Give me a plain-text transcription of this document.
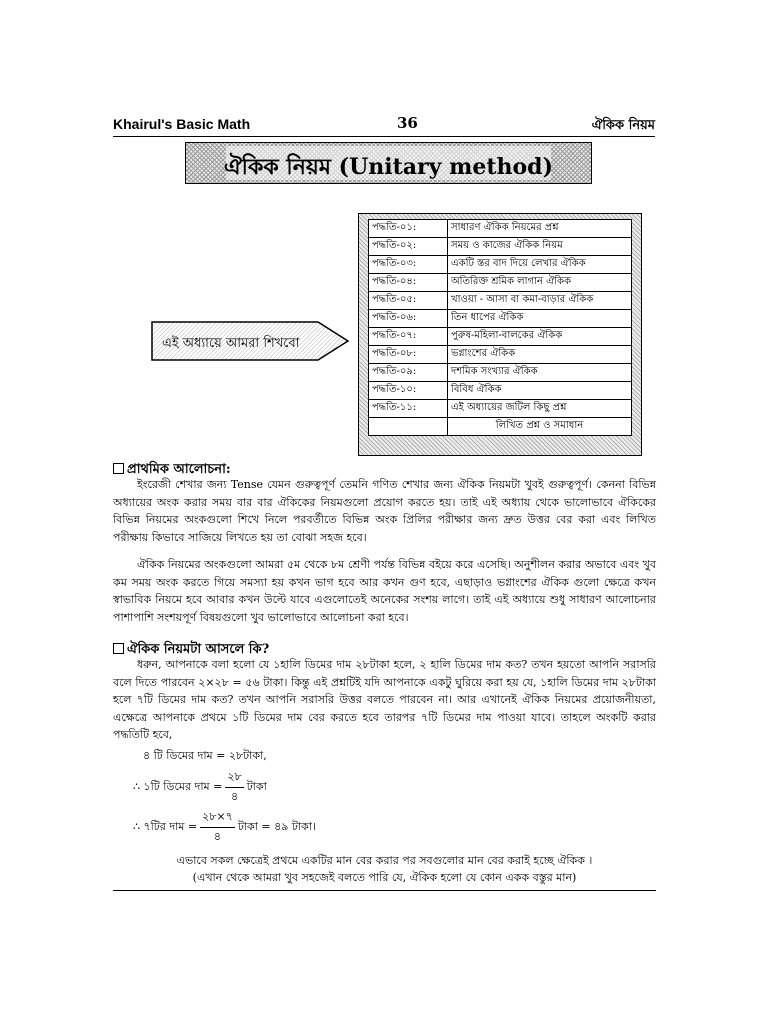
Khairul's Basic Math	36	ঐকিক নিয়ম
ঐকিক নিয়ম (Unitary method)
এই অধ্যায়ে আমরা শিখবো
পদ্ধতি-০১:	সাধারণ ঐকিক নিয়মের প্রশ্ন
পদ্ধতি-০২:	সময় ও কাজের ঐকিক নিয়ম
পদ্ধতি-০৩:	একটি স্তর বাদ দিয়ে লেখার ঐকিক
পদ্ধতি-০৪:	অতিরিক্ত শ্রমিক লাগান ঐকিক
পদ্ধতি-০৫:	খাওয়া - আসা বা কমা-বাড়ার ঐকিক
পদ্ধতি-০৬:	তিন ধাপের ঐকিক
পদ্ধতি-০৭:	পুরুষ-মহিলা-বালকের ঐকিক
পদ্ধতি-০৮:	ভগ্নাংশের ঐকিক
পদ্ধতি-০৯:	দশমিক সংখ্যার ঐকিক
পদ্ধতি-১০:	বিবিধ ঐকিক
পদ্ধতি-১১:	এই অধ্যায়ের জটিল কিছু প্রশ্ন
	লিখিত প্রশ্ন ও সমাধান
প্রাথমিক আলোচনা:
ইংরেজী শেখার জন্য Tense যেমন গুরুত্বপূর্ণ তেমনি গণিত শেখার জন্য ঐকিক নিয়মটা খুবই গুরুত্বপূর্ণ। কেননা বিভিন্ন অধ্যায়ের অংক করার সময় বার বার ঐকিকের নিয়মগুলো প্রয়োগ করতে হয়। তাই এই অধ্যায় থেকে ভালোভাবে ঐকিকের বিভিন্ন নিয়মের অংকগুলো শিখে নিলে পরবর্তীতে বিভিন্ন অংক প্রিলির পরীক্ষার জন্য দ্রুত উত্তর বের করা এবং লিখিত পরীক্ষায় কিভাবে সাজিয়ে লিখতে হয় তা বোঝা সহজ হবে।
ঐকিক নিয়মের অংকগুলো আমরা ৫ম থেকে ৮ম শ্রেণী পর্যন্ত বিভিন্ন বইয়ে করে এসেছি। অনুশীলন করার অভাবে এবং খুব কম সময় অংক করতে গিয়ে সমস্যা হয় কখন ভাগ হবে আর কখন গুণ হবে, এছাড়াও ভগ্নাংশের ঐকিক গুলো ক্ষেত্রে কখন স্বাভাবিক নিয়মে হবে আবার কখন উল্টে যাবে এগুলোতেই অনেকের সংশয় লাগে। তাই এই অধ্যায়ে শুধু সাধারণ আলোচনার পাশাপাশি সংশয়পূর্ণ বিষয়গুলো খুব ভালোভাবে আলোচনা করা হবে।
ঐকিক নিয়মটা আসলে কি?
ধরুন, আপনাকে বলা হলো যে ১হালি ডিমের দাম ২৮টাকা হলে, ২ হালি ডিমের দাম কত? তখন হয়তো আপনি সরাসরি বলে দিতে পারবেন ২×২৮ = ৫৬ টাকা। কিন্তু এই প্রশ্নটিই যদি আপনাকে একটু ঘুরিয়ে করা হয় যে, ১হালি ডিমের দাম ২৮টাকা হলে ৭টি ডিমের দাম কত? তখন আপনি সরাসরি উত্তর বলতে পারবেন না। আর এখানেই ঐকিক নিয়মের প্রয়োজনীয়তা, এক্ষেত্রে আপনাকে প্রথমে ১টি ডিমের দাম বের করতে হবে তারপর ৭টি ডিমের দাম পাওয়া যাবে। তাহলে অংকটি করার পদ্ধতিটি হবে,
৪ টি ডিমের দাম = ২৮টাকা,
∴ ১টি ডিমের দাম = $\frac{২৮}{৪}$ টাকা
∴ ৭টির দাম = $\frac{২৮\times ৭}{৪}$ টাকা = ৪৯ টাকা।
এভাবে সকল ক্ষেত্রেই প্রথমে একটির মান বের করার পর সবগুলোর মান বের করাই হচ্ছে ঐকিক ।
(এখান থেকে আমরা খুব সহজেই বলতে পারি যে, ঐকিক হলো যে কোন একক বস্তুর মান)
